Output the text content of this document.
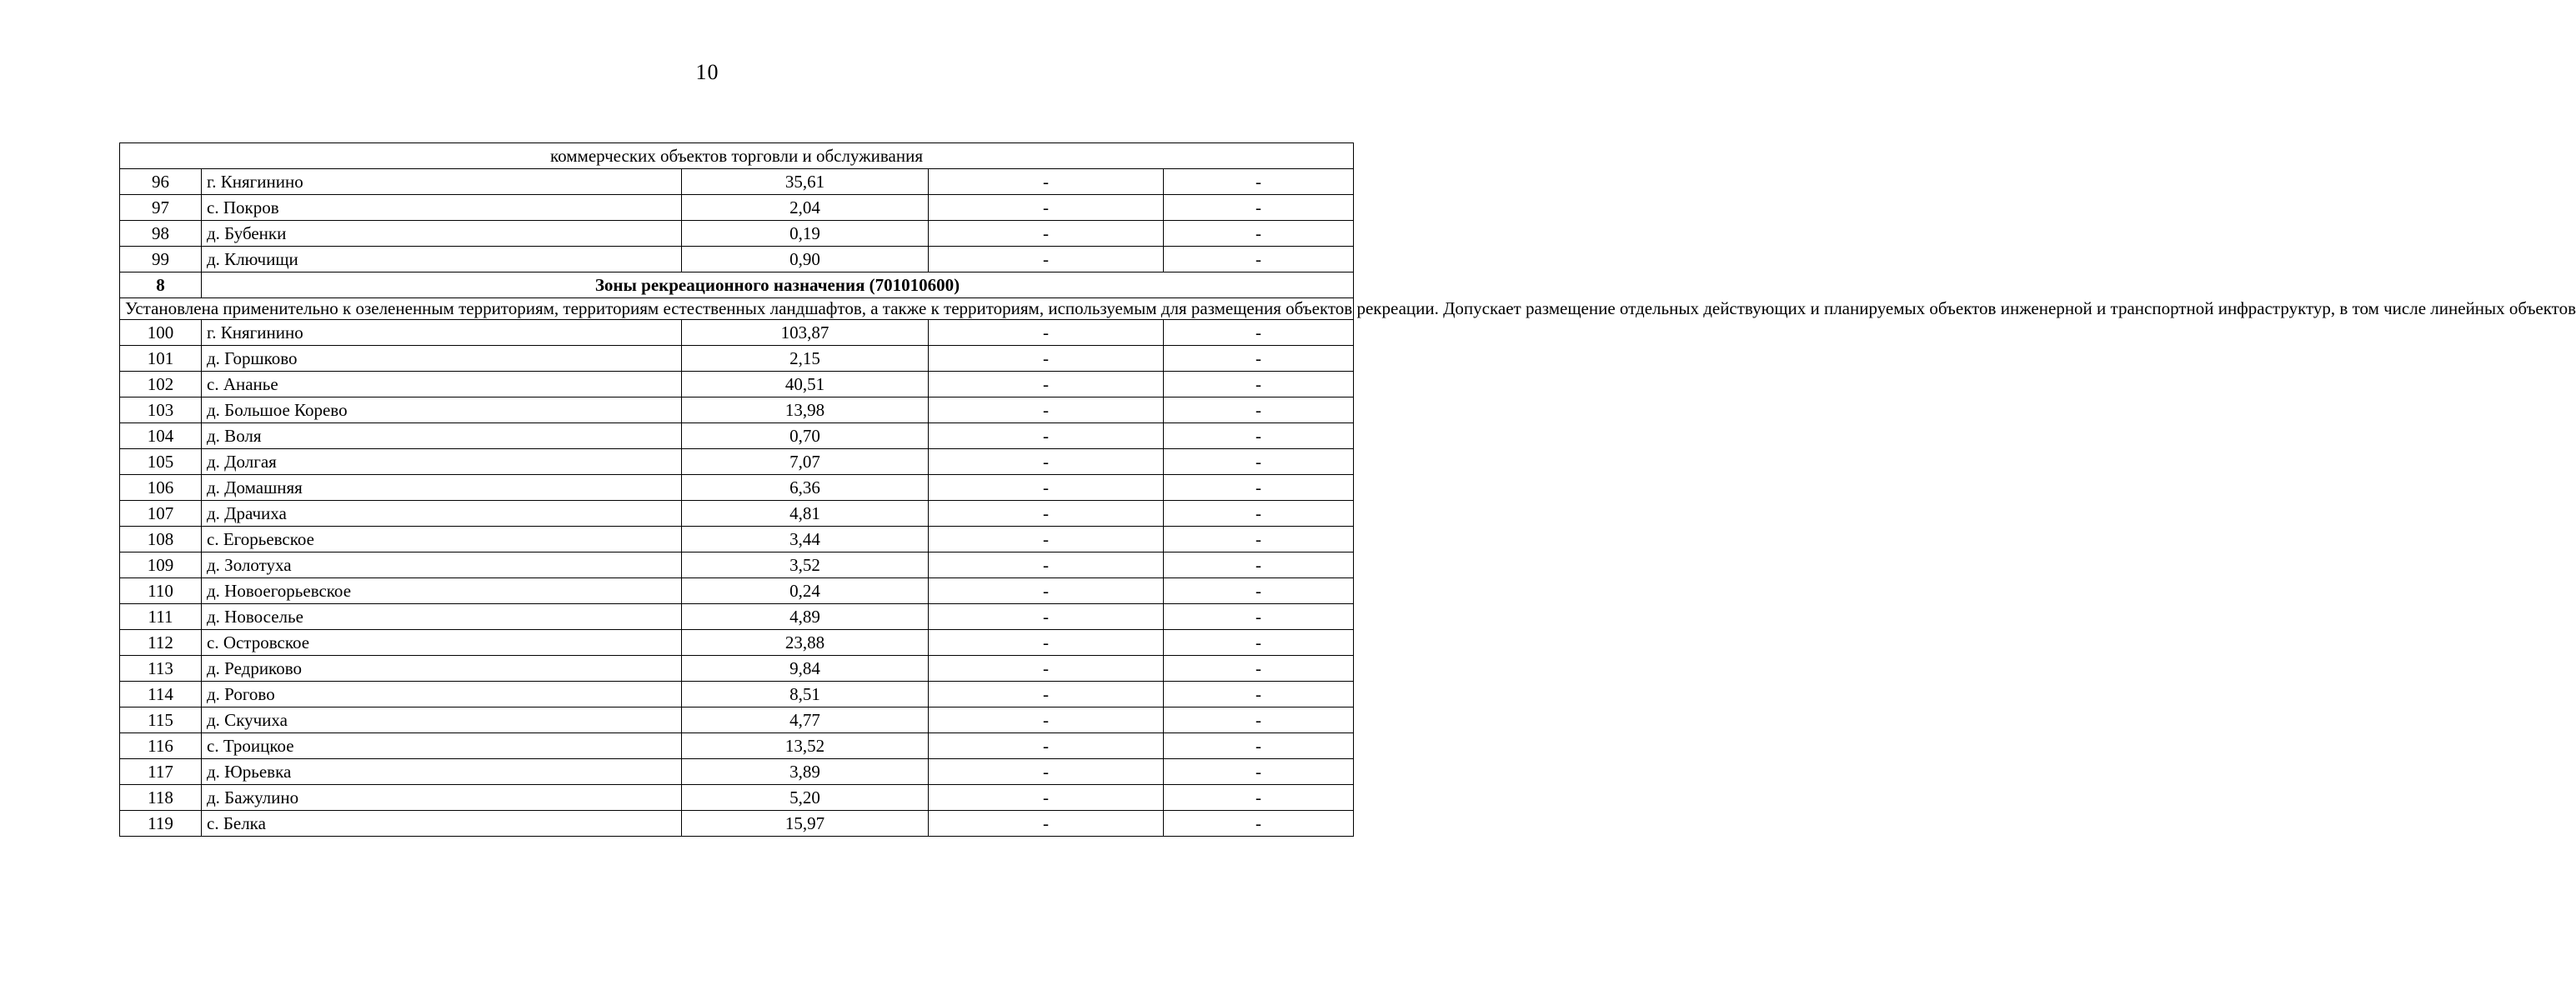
10
коммерческих объектов торговли и обслуживания				
96	г. Княгинино	35,61	-	-
97	с. Покров	2,04	-	-
98	д. Бубенки	0,19	-	-
99	д. Ключищи	0,90	-	-
8	Зоны рекреационного назначения (701010600)			
Установлена применительно к озелененным территориям, территориям естественных ландшафтов, а также к территориям, используемым для размещения объектов рекреации. Допускает размещение отдельных действующих и планируемых объектов инженерной и транспортной инфраструктур, в том числе линейных объектов				
100	г. Княгинино	103,87	-	-
101	д. Горшково	2,15	-	-
102	с. Ананье	40,51	-	-
103	д. Большое Корево	13,98	-	-
104	д. Воля	0,70	-	-
105	д. Долгая	7,07	-	-
106	д. Домашняя	6,36	-	-
107	д. Драчиха	4,81	-	-
108	с. Егорьевское	3,44	-	-
109	д. Золотуха	3,52	-	-
110	д. Новоегорьевское	0,24	-	-
111	д. Новоселье	4,89	-	-
112	с. Островское	23,88	-	-
113	д. Редриково	9,84	-	-
114	д. Рогово	8,51	-	-
115	д. Скучиха	4,77	-	-
116	с. Троицкое	13,52	-	-
117	д. Юрьевка	3,89	-	-
118	д. Бажулино	5,20	-	-
119	с. Белка	15,97	-	-
